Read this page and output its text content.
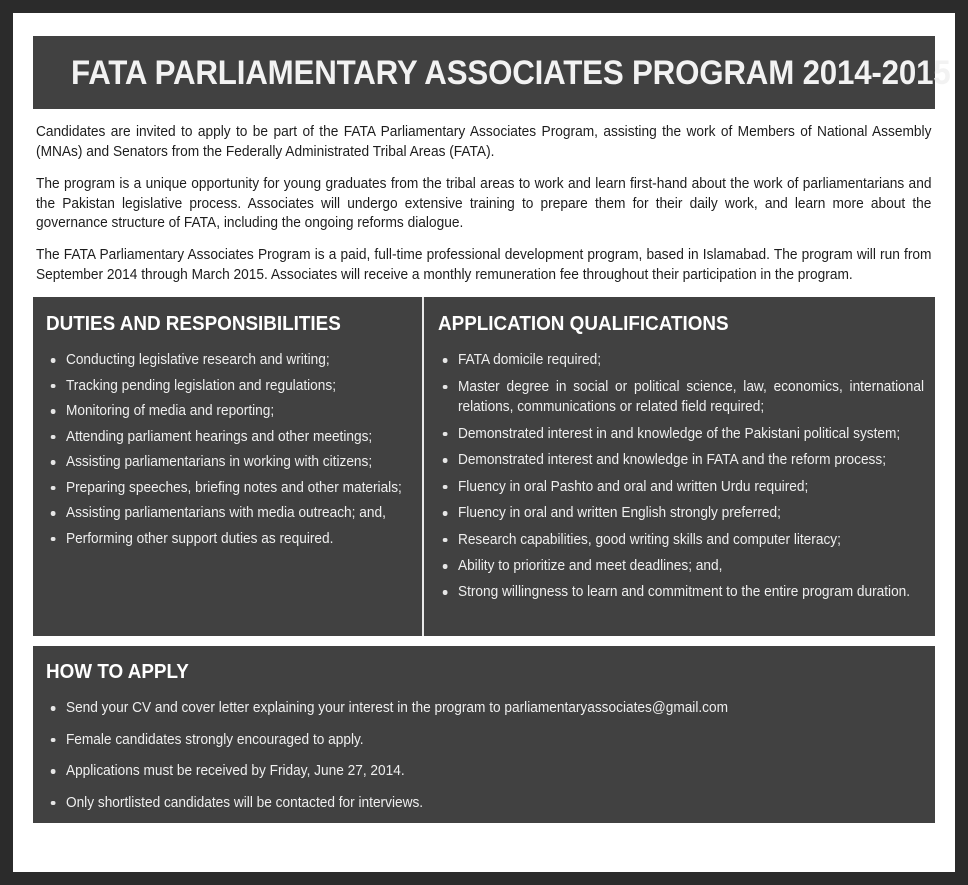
FATA PARLIAMENTARY ASSOCIATES PROGRAM 2014-2015

Candidates are invited to apply to be part of the FATA Parliamentary Associates Program, assisting the work of Members of National Assembly (MNAs) and Senators from the Federally Administrated Tribal Areas (FATA).

The program is a unique opportunity for young graduates from the tribal areas to work and learn first-hand about the work of parliamentarians and the Pakistan legislative process. Associates will undergo extensive training to prepare them for their daily work, and learn more about the governance structure of FATA, including the ongoing reforms dialogue.

The FATA Parliamentary Associates Program is a paid, full-time professional development program, based in Islamabad. The program will run from September 2014 through March 2015. Associates will receive a monthly remuneration fee throughout their participation in the program.

DUTIES AND RESPONSIBILITIES
Conducting legislative research and writing;
Tracking pending legislation and regulations;
Monitoring of media and reporting;
Attending parliament hearings and other meetings;
Assisting parliamentarians in working with citizens;
Preparing speeches, briefing notes and other materials;
Assisting parliamentarians with media outreach; and,
Performing other support duties as required.
APPLICATION QUALIFICATIONS
FATA domicile required;
Master degree in social or political science, law, economics, international relations, communications or related field required;
Demonstrated interest in and knowledge of the Pakistani political system;
Demonstrated interest and knowledge in FATA and the reform process;
Fluency in oral Pashto and oral and written Urdu required;
Fluency in oral and written English strongly preferred;
Research capabilities, good writing skills and computer literacy;
Ability to prioritize and meet deadlines; and,
Strong willingness to learn and commitment to the entire program duration.
HOW TO APPLY
Send your CV and cover letter explaining your interest in the program to parliamentaryassociates@gmail.com
Female candidates strongly encouraged to apply.
Applications must be received by Friday, June 27, 2014.
Only shortlisted candidates will be contacted for interviews.
